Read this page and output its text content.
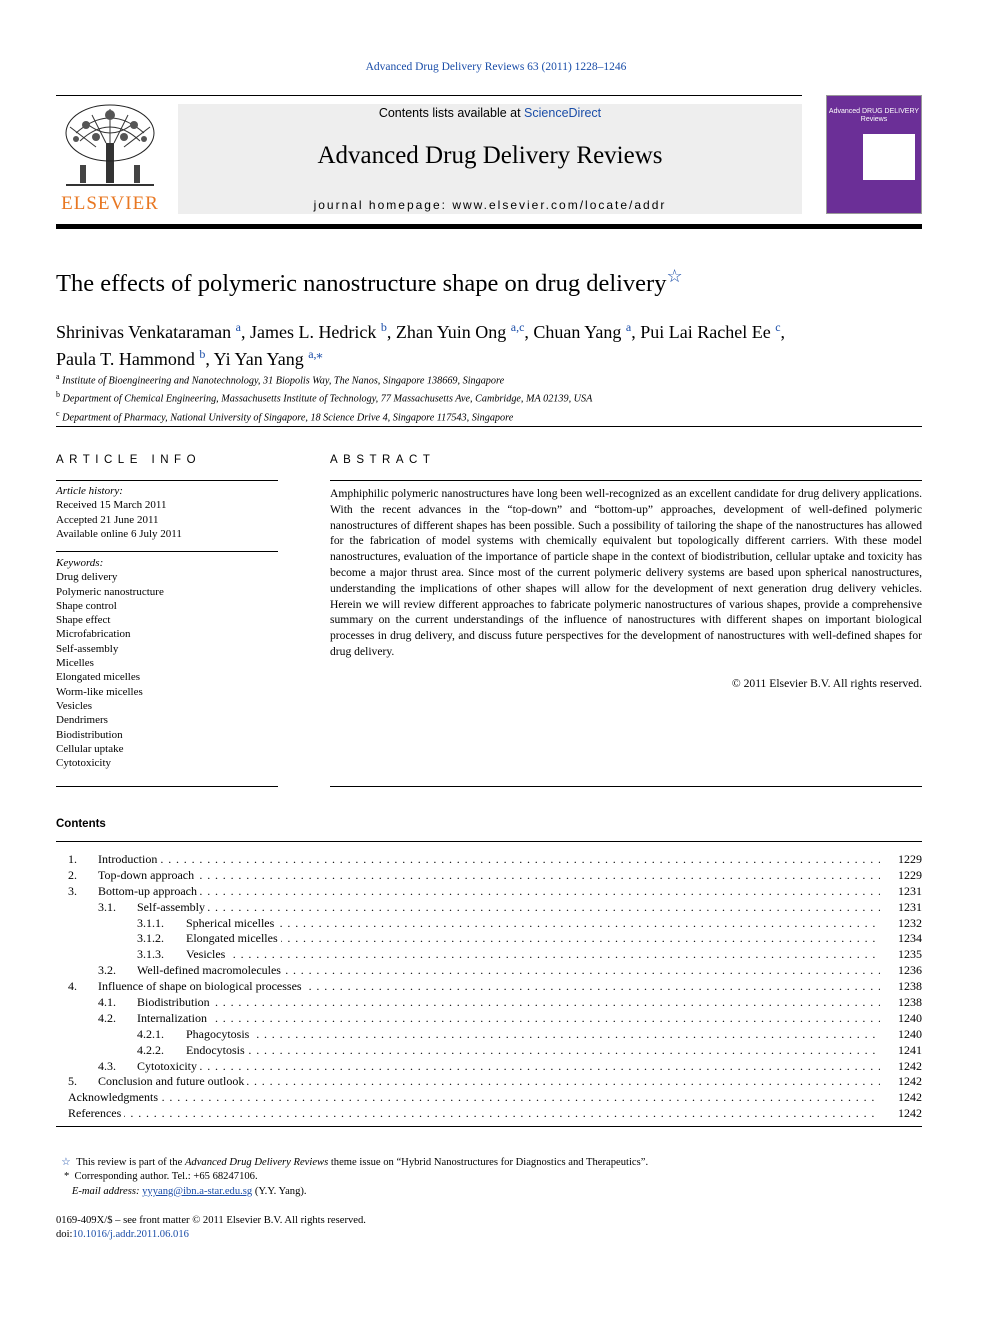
Advanced Drug Delivery Reviews 63 (2011) 1228–1246
ELSEVIER
Contents lists available at ScienceDirect
Advanced Drug Delivery Reviews
journal homepage: www.elsevier.com/locate/addr
Advanced DRUG DELIVERY Reviews
The effects of polymeric nanostructure shape on drug delivery☆
Shrinivas Venkataraman $^a$, James L. Hedrick $^b$, Zhan Yuin Ong $^{a,c}$, Chuan Yang $^a$, Pui Lai Rachel Ee $^c$,
Paula T. Hammond $^b$, Yi Yan Yang $^{a,⁎}$
$^a$ Institute of Bioengineering and Nanotechnology, 31 Biopolis Way, The Nanos, Singapore 138669, Singapore
$^b$ Department of Chemical Engineering, Massachusetts Institute of Technology, 77 Massachusetts Ave, Cambridge, MA 02139, USA
$^c$ Department of Pharmacy, National University of Singapore, 18 Science Drive 4, Singapore 117543, Singapore
ARTICLE INFO
Article history:
Received 15 March 2011
Accepted 21 June 2011
Available online 6 July 2011
Keywords:
Drug delivery
Polymeric nanostructure
Shape control
Shape effect
Microfabrication
Self-assembly
Micelles
Elongated micelles
Worm-like micelles
Vesicles
Dendrimers
Biodistribution
Cellular uptake
Cytotoxicity
ABSTRACT
Amphiphilic polymeric nanostructures have long been well-recognized as an excellent candidate for drug delivery applications. With the recent advances in the “top-down” and “bottom-up” approaches, development of well-defined polymeric nanostructures of different shapes has been possible. Such a possibility of tailoring the shape of the nanostructures has allowed for the fabrication of model systems with chemically equivalent but topologically different carriers. With these model nanostructures, evaluation of the importance of particle shape in the context of biodistribution, cellular uptake and toxicity has become a major thrust area. Since most of the current polymeric delivery systems are based upon spherical nanostructures, understanding the implications of other shapes will allow for the development of next generation drug delivery vehicles. Herein we will review different approaches to fabricate polymeric nanostructures of various shapes, provide a comprehensive summary on the current understandings of the influence of nanostructures with different shapes on important biological processes in drug delivery, and discuss future perspectives for the development of nanostructures with well-defined shapes for drug delivery.
© 2011 Elsevier B.V. All rights reserved.
Contents
1. Introduction . . .	1229
2. Top-down approach . . .	1229
3. Bottom-up approach . . .	1231
3.1. Self-assembly . . .	1231
3.1.1. Spherical micelles . . .	1232
3.1.2. Elongated micelles . . .	1234
3.1.3. Vesicles . . .	1235
3.2. Well-defined macromolecules . . .	1236
4. Influence of shape on biological processes . . .	1238
4.1. Biodistribution . . .	1238
4.2. Internalization . . .	1240
4.2.1. Phagocytosis . . .	1240
4.2.2. Endocytosis . . .	1241
4.3. Cytotoxicity . . .	1242
5. Conclusion and future outlook . . .	1242
Acknowledgments . . .	1242
References . . .	1242
☆ This review is part of the Advanced Drug Delivery Reviews theme issue on “Hybrid Nanostructures for Diagnostics and Therapeutics”.
* Corresponding author. Tel.: +65 68247106.
E-mail address: yyyang@ibn.a-star.edu.sg (Y.Y. Yang).
0169-409X/$ – see front matter © 2011 Elsevier B.V. All rights reserved.
doi:10.1016/j.addr.2011.06.016
